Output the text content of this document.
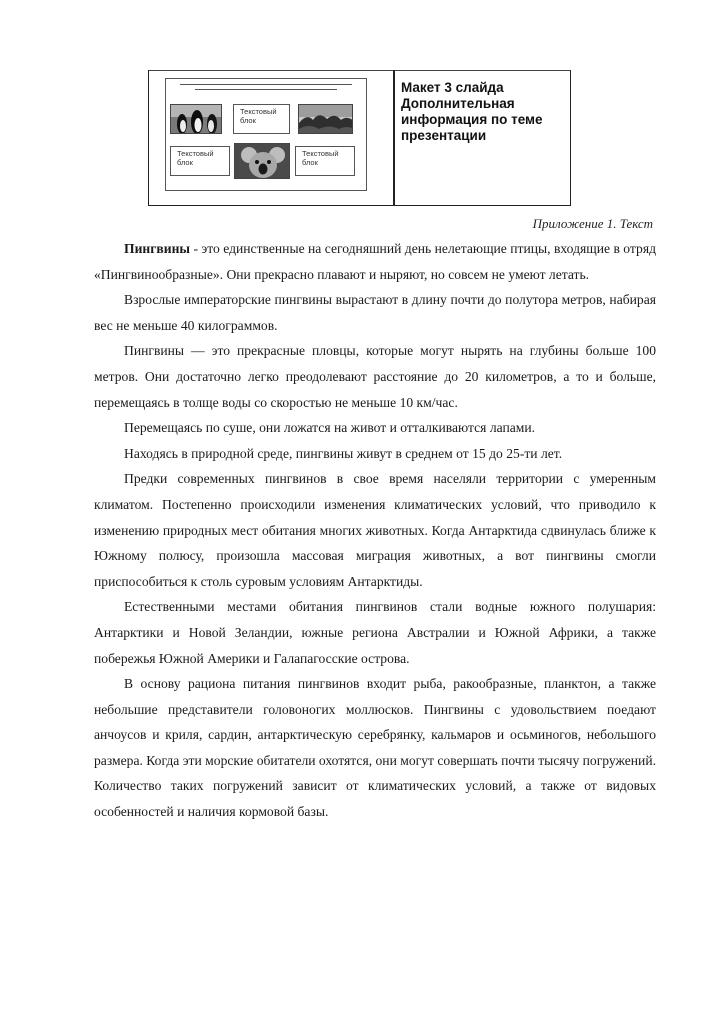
Текстовый блок
Текстовый блок
Текстовый блок
Макет 3 слайда Дополнительная информация по теме презентации
Приложение 1. Текст

Пингвины - это единственные на сегодняшний день нелетающие птицы, входящие в отряд «Пингвинообразные». Они прекрасно плавают и ныряют, но совсем не умеют летать.

Взрослые императорские пингвины вырастают в длину почти до полутора метров, набирая вес не меньше 40 килограммов.

Пингвины — это прекрасные пловцы, которые могут нырять на глубины больше 100 метров. Они достаточно легко преодолевают расстояние до 20 километров, а то и больше, перемещаясь в толще воды со скоростью не меньше 10 км/час.

Перемещаясь по суше, они ложатся на живот и отталкиваются лапами.

Находясь в природной среде, пингвины живут в среднем от 15 до 25-ти лет.

Предки современных пингвинов в свое время населяли территории с умеренным климатом. Постепенно происходили изменения климатических условий, что приводило к изменению природных мест обитания многих животных. Когда Антарктида сдвинулась ближе к Южному полюсу, произошла массовая миграция животных, а вот пингвины смогли приспособиться к столь суровым условиям Антарктиды.

Естественными местами обитания пингвинов стали водные южного полушария: Антарктики и Новой Зеландии, южные региона Австралии и Южной Африки, а также побережья Южной Америки и Галапагосские острова.

В основу рациона питания пингвинов входит рыба, ракообразные, планктон, а также небольшие представители головоногих моллюсков. Пингвины с удовольствием поедают анчоусов и криля, сардин, антарктическую серебрянку, кальмаров и осьминогов, небольшого размера. Когда эти морские обитатели охотятся, они могут совершать почти тысячу погружений. Количество таких погружений зависит от климатических условий, а также от видовых особенностей и наличия кормовой базы.
